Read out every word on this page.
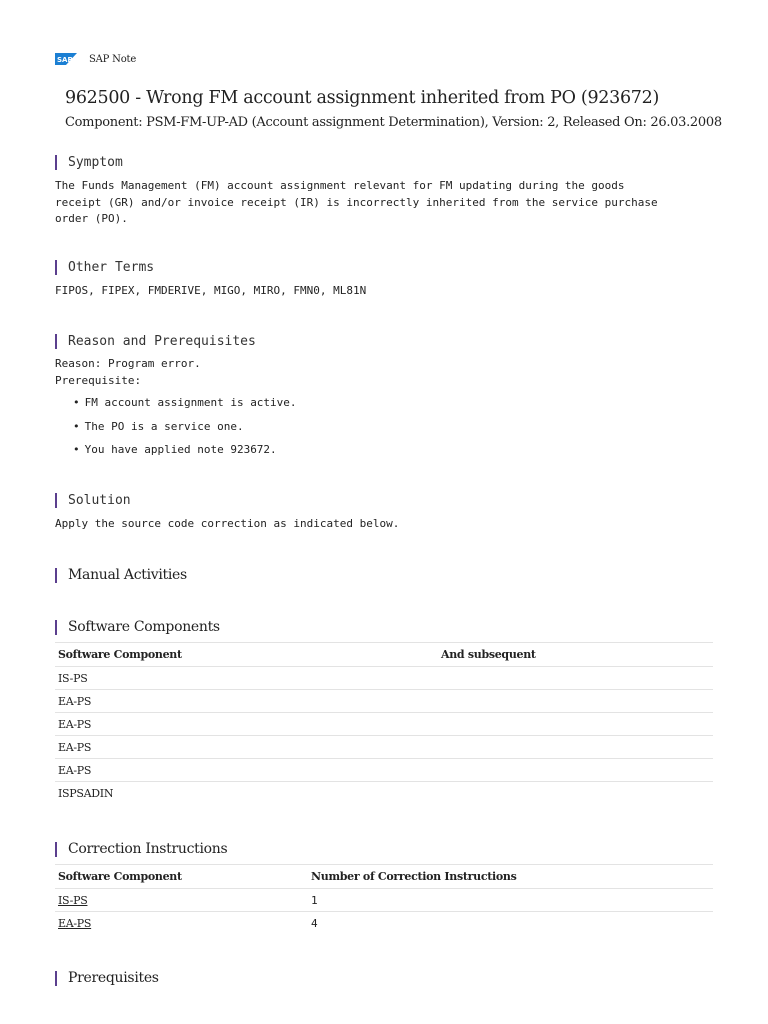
SAP SAP Note
962500 - Wrong FM account assignment inherited from PO (923672)
Component: PSM-FM-UP-AD (Account assignment Determination), Version: 2, Released On: 26.03.2008
Symptom
The Funds Management (FM) account assignment relevant for FM updating during the goods
receipt (GR) and/or invoice receipt (IR) is incorrectly inherited from the service purchase
order (PO).
Other Terms
FIPOS, FIPEX, FMDERIVE, MIGO, MIRO, FMN0, ML81N
Reason and Prerequisites
Reason: Program error.
Prerequisite:
• FM account assignment is active.
• The PO is a service one.
• You have applied note 923672.
Solution
Apply the source code correction as indicated below.
Manual Activities
Software Components
Software Component	And subsequent
IS-PS	
EA-PS	
EA-PS	
EA-PS	
EA-PS	
ISPSADIN	
Correction Instructions
Software Component	Number of Correction Instructions
IS-PS	1
EA-PS	4
Prerequisites
